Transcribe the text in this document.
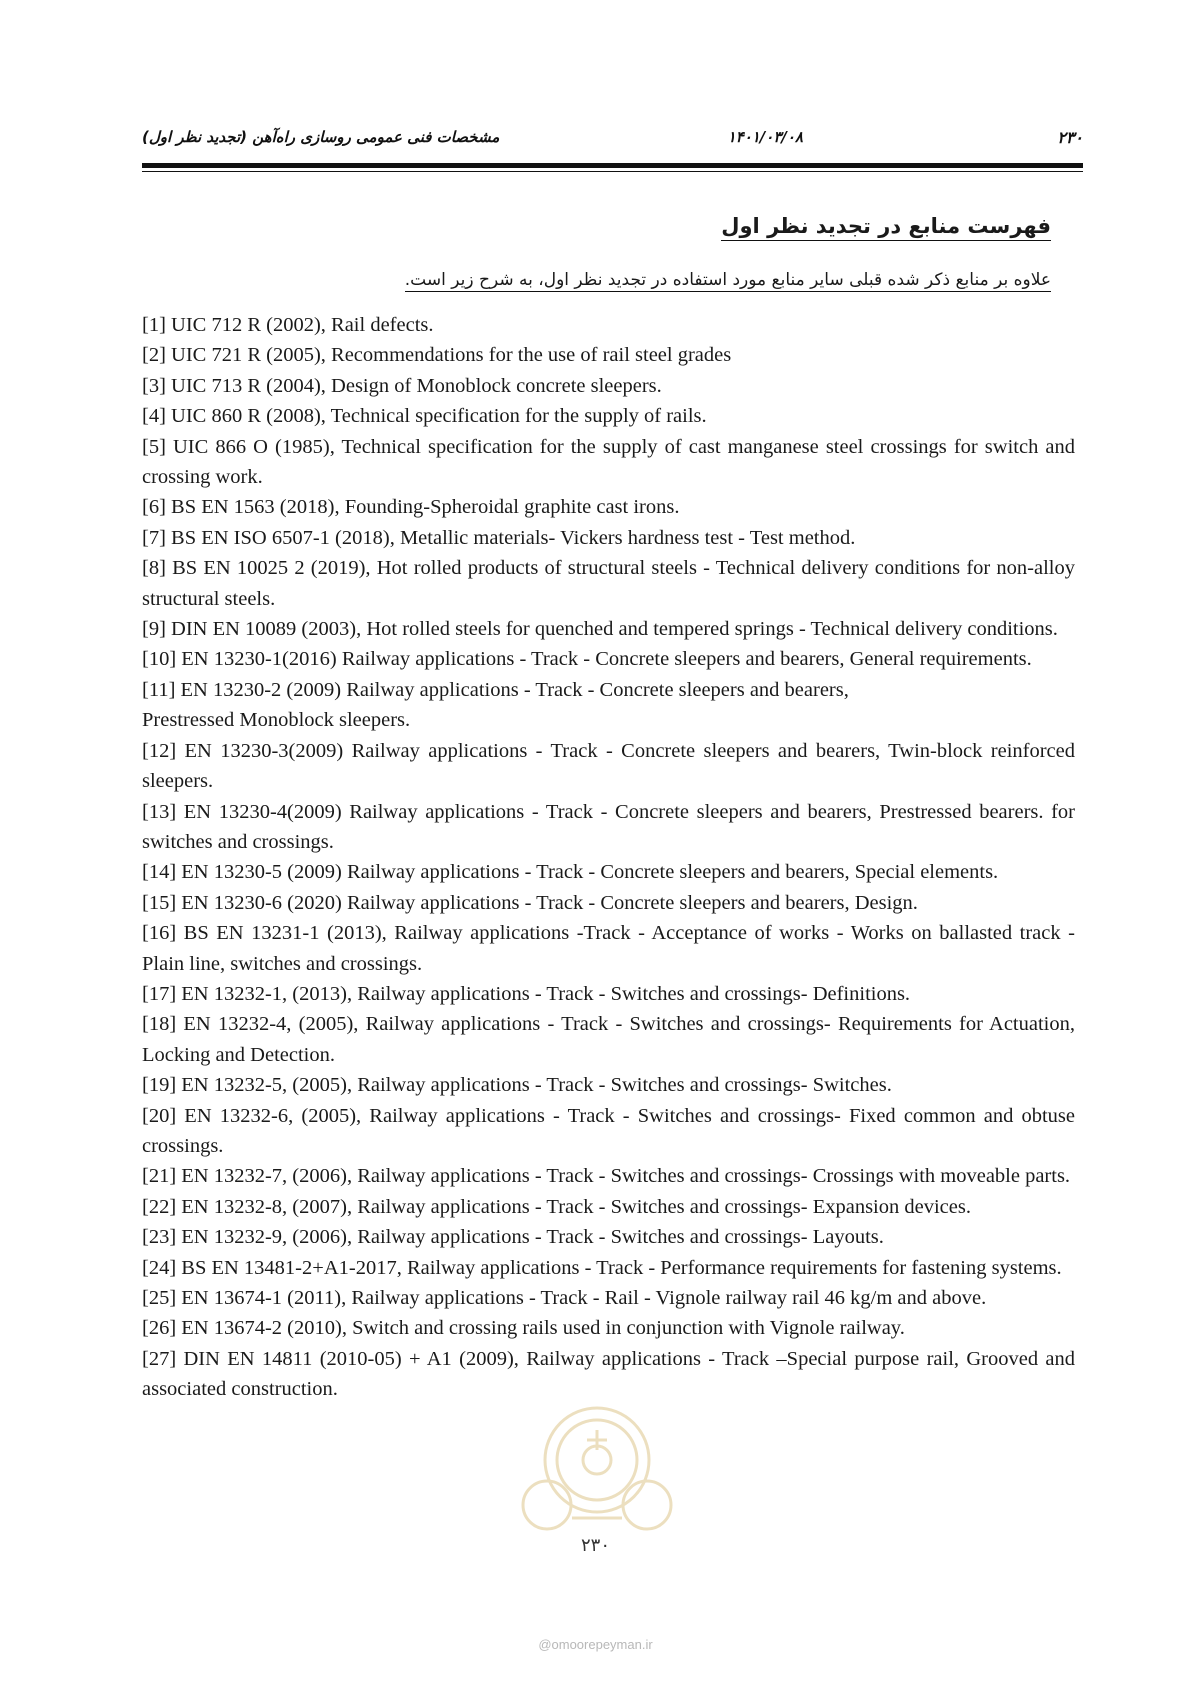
۲۳۰
۱۴۰۱/۰۳/۰۸
مشخصات فنی عمومی روسازی راه‌آهن (تجدید نظر اول)
فهرست منابع در تجدید نظر اول
علاوه بر منابع ذکر شده قبلی سایر منابع مورد استفاده در تجدید نظر اول، به شرح زیر است.

[1] UIC 712 R (2002), Rail defects.

[2] UIC 721 R (2005), Recommendations for the use of rail steel grades

[3] UIC 713 R (2004), Design of Monoblock concrete sleepers.

[4] UIC 860 R (2008), Technical specification for the supply of rails.

[5] UIC 866 O (1985), Technical specification for the supply of cast manganese steel crossings for switch and crossing work.

[6] BS EN 1563 (2018), Founding-Spheroidal graphite cast irons.

[7] BS EN ISO 6507-1 (2018), Metallic materials- Vickers hardness test - Test method.

[8] BS EN 10025 2 (2019), Hot rolled products of structural steels - Technical delivery conditions for non-alloy structural steels.

[9] DIN EN 10089 (2003), Hot rolled steels for quenched and tempered springs - Technical delivery conditions.

[10] EN 13230-1(2016) Railway applications - Track - Concrete sleepers and bearers, General requirements.

[11] EN 13230-2 (2009) Railway applications - Track - Concrete sleepers and bearers,

Prestressed Monoblock sleepers.

[12] EN 13230-3(2009) Railway applications - Track - Concrete sleepers and bearers, Twin-block reinforced sleepers.

[13] EN 13230-4(2009) Railway applications - Track - Concrete sleepers and bearers, Prestressed bearers. for switches and crossings.

[14] EN 13230-5 (2009) Railway applications - Track - Concrete sleepers and bearers, Special elements.

[15] EN 13230-6 (2020) Railway applications - Track - Concrete sleepers and bearers, Design.

[16] BS EN 13231-1 (2013), Railway applications -Track - Acceptance of works - Works on ballasted track - Plain line, switches and crossings.

[17] EN 13232-1, (2013), Railway applications - Track - Switches and crossings- Definitions.

[18] EN 13232-4, (2005), Railway applications - Track - Switches and crossings- Requirements for Actuation, Locking and Detection.

[19] EN 13232-5, (2005), Railway applications - Track - Switches and crossings- Switches.

[20] EN 13232-6, (2005), Railway applications - Track - Switches and crossings- Fixed common and obtuse crossings.

[21] EN 13232-7, (2006), Railway applications - Track - Switches and crossings- Crossings with moveable parts.

[22] EN 13232-8, (2007), Railway applications - Track - Switches and crossings- Expansion devices.

[23] EN 13232-9, (2006), Railway applications - Track - Switches and crossings- Layouts.

[24] BS EN 13481-2+A1-2017, Railway applications - Track - Performance requirements for fastening systems.

[25] EN 13674-1 (2011), Railway applications - Track - Rail - Vignole railway rail 46 kg/m and above.

[26] EN 13674-2 (2010), Switch and crossing rails used in conjunction with Vignole railway.

[27] DIN EN 14811 (2010-05) + A1 (2009), Railway applications - Track –Special purpose rail, Grooved and associated construction.

۲۳۰
@omoorepeyman.ir
